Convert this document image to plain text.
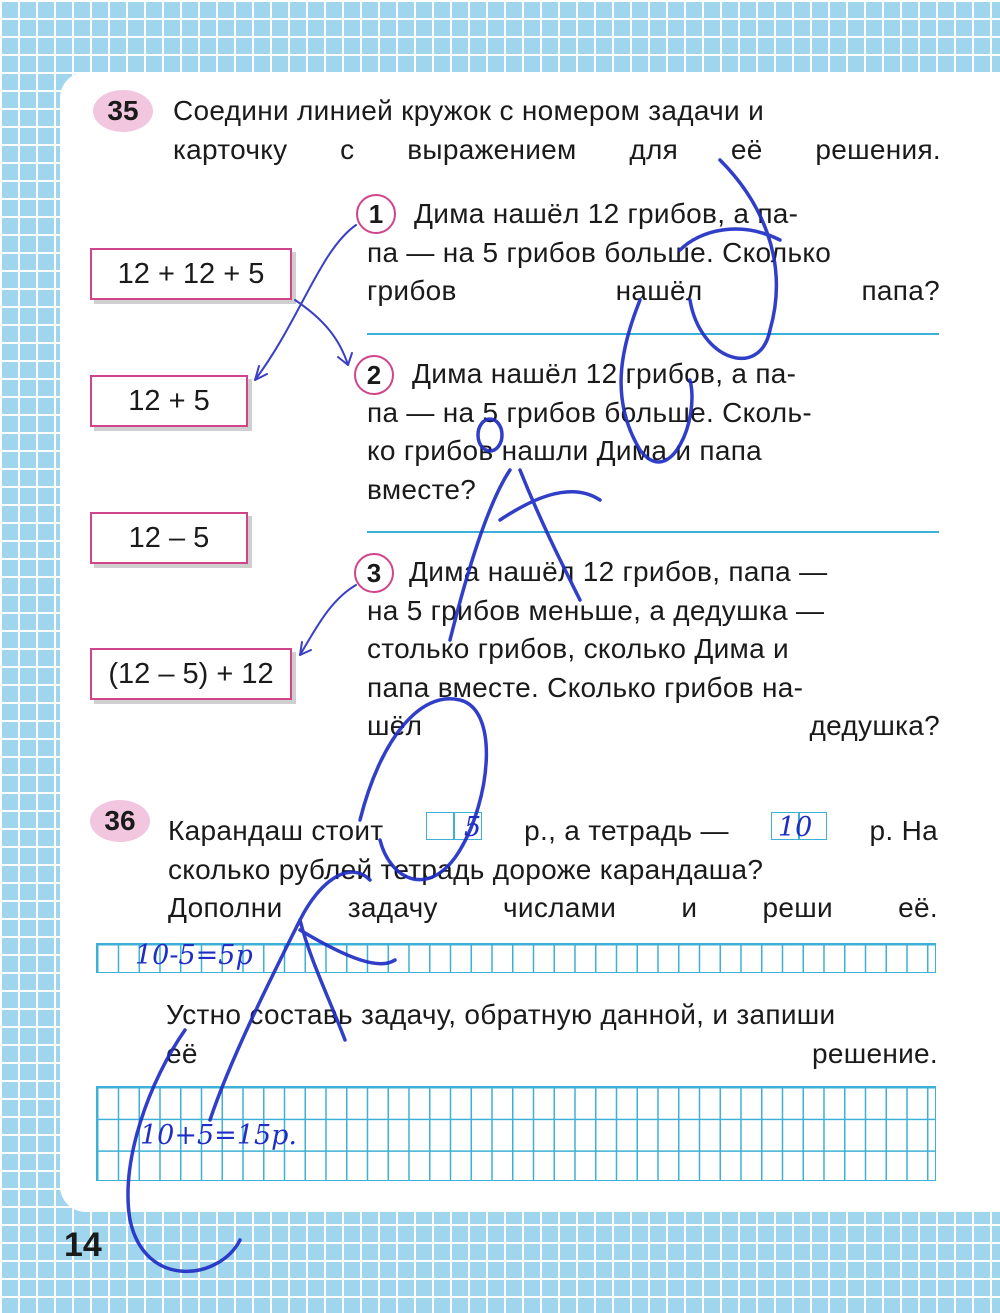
35 Соедини линией кружок с номером задачи и
карточку с выражением для её решения.
12 + 12 + 5
12 + 5
12 – 5
(12 – 5) + 12
1	Дима нашёл 12 грибов, а па-
па — на 5 грибов больше. Сколько
грибов нашёл папа?
2	Дима нашёл 12 грибов, а па-
па — на 5 грибов больше. Сколь-
ко грибов нашли Дима и папа
вместе?
3 Дима нашёл 12 грибов, папа —
на 5 грибов меньше, а дедушка —
столько грибов, сколько Дима и
папа вместе. Сколько грибов на-
шёл дедушка?
36 Карандаш стоит	р., а тетрадь —	р. На
сколько рублей тетрадь дороже карандаша?
Дополни задачу числами и реши её.
5	10
10-5=5р
Устно составь задачу, обратную данной, и запиши
её решение.
10+5=15р.
14
